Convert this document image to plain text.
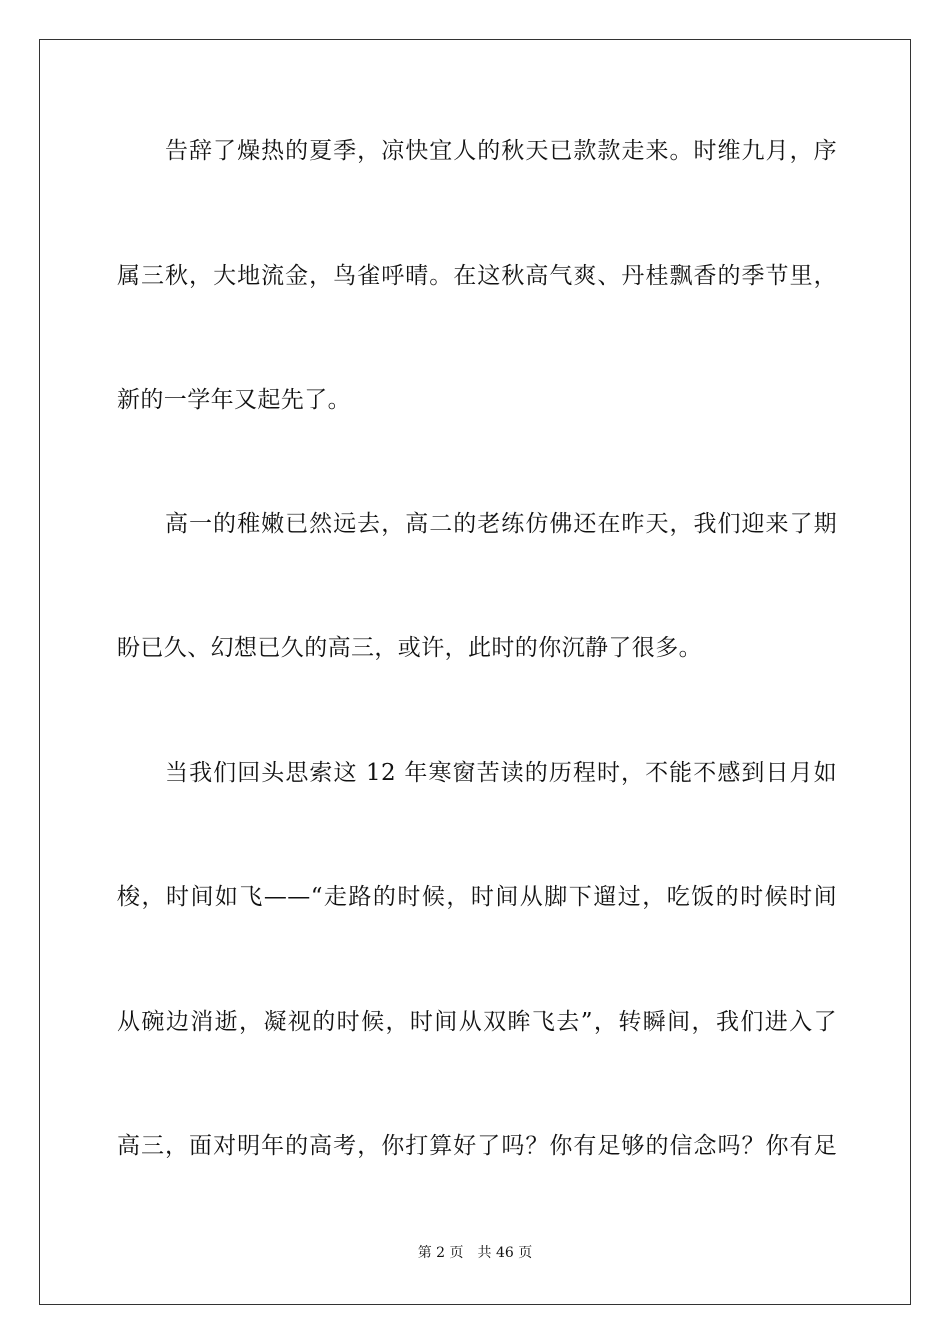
告辞了燥热的夏季，凉快宜人的秋天已款款走来。时维九月，序
属三秋，大地流金，鸟雀呼晴。在这秋高气爽、丹桂飘香的季节里，
新的一学年又起先了。
高一的稚嫩已然远去，高二的老练仿佛还在昨天，我们迎来了期
盼已久、幻想已久的高三，或许，此时的你沉静了很多。
当我们回头思索这 12 年寒窗苦读的历程时，不能不感到日月如
梭，时间如飞——“走路的时候，时间从脚下遛过，吃饭的时候时间
从碗边消逝，凝视的时候，时间从双眸飞去”，转瞬间，我们进入了
高三，面对明年的高考，你打算好了吗？你有足够的信念吗？你有足
第 2 页 共 46 页
